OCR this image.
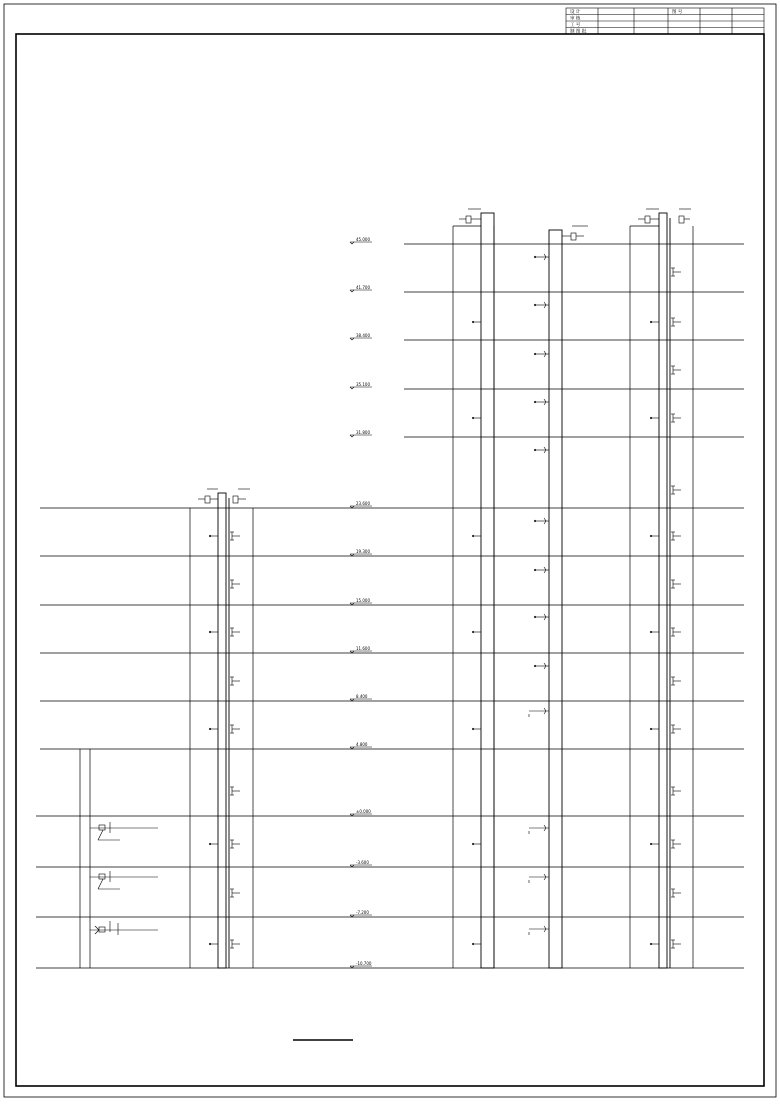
设 计
审 核
工 号
制 图 批
图 号
45.000
41.700
38.400
35.100
31.800
23.600
19.300
15.000
11.600
8.400
4.800
±0.000
-3.600
-7.200
-10.700
